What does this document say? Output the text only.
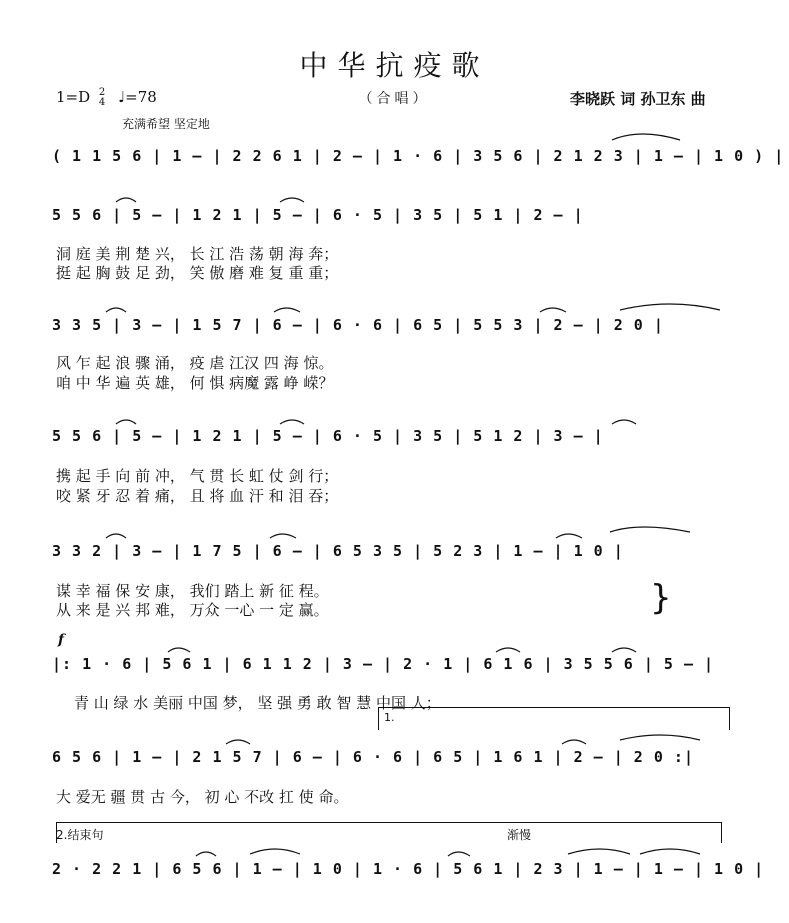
中华抗疫歌
（合唱）
1=D 2
4 ♩=78	李晓跃 词 孙卫东 曲
充满希望 坚定地
( 1 1 5 6 | 1 – | 2 2 6 1 | 2 – | 1 · 6 | 3 5 6 | 2 1 2 3 | 1 – | 1 0 ) |
5 5 6 | 5 – | 1 2 1 | 5 – | 6 · 5 | 3 5 | 5 1 | 2 – |
洞 庭 美 荆 楚 兴， 长 江 浩 荡 朝 海 奔；
挺 起 胸 鼓 足 劲， 笑 傲 磨 难 复 重 重；
3 3 5 | 3 – | 1 5 7 | 6 – | 6 · 6 | 6 5 | 5 5 3 | 2 – | 2 0 |
风 乍 起 浪 骤 涌， 疫 虐 江汉 四 海 惊。
咱 中 华 遍 英 雄， 何 惧 病魔 露 峥 嵘？
5 5 6 | 5 – | 1 2 1 | 5 – | 6 · 5 | 3 5 | 5 1 2 | 3 – |
携 起 手 向 前 冲， 气 贯 长 虹 仗 剑 行；
咬 紧 牙 忍 着 痛， 且 将 血 汗 和 泪 吞；
3 3 2 | 3 – | 1 7 5 | 6 – | 6 5 3 5 | 5 2 3 | 1 – | 1 0 |
谋 幸 福 保 安 康， 我们 踏上 新 征 程。
从 来 是 兴 邦 难， 万众 一心 一 定 赢。	}
f
|: 1 · 6 | 5 6 1 | 6 1 1 2 | 3 – | 2 · 1 | 6 1 6 | 3 5 5 6 | 5 – |
青 山 绿 水 美丽 中国 梦， 坚 强 勇 敢 智 慧 中国 人；
1.
6 5 6 | 1 – | 2 1 5 7 | 6 – | 6 · 6 | 6 5 | 1 6 1 | 2 – | 2 0 :|
大 爱无 疆 贯 古 今， 初 心 不改 扛 使 命。
2.结束句	渐慢
2 · 2 2 1 | 6 5 6 | 1 – | 1 0 | 1 · 6 | 5 6 1 | 2 3 | 1 – | 1 – | 1 0 |
